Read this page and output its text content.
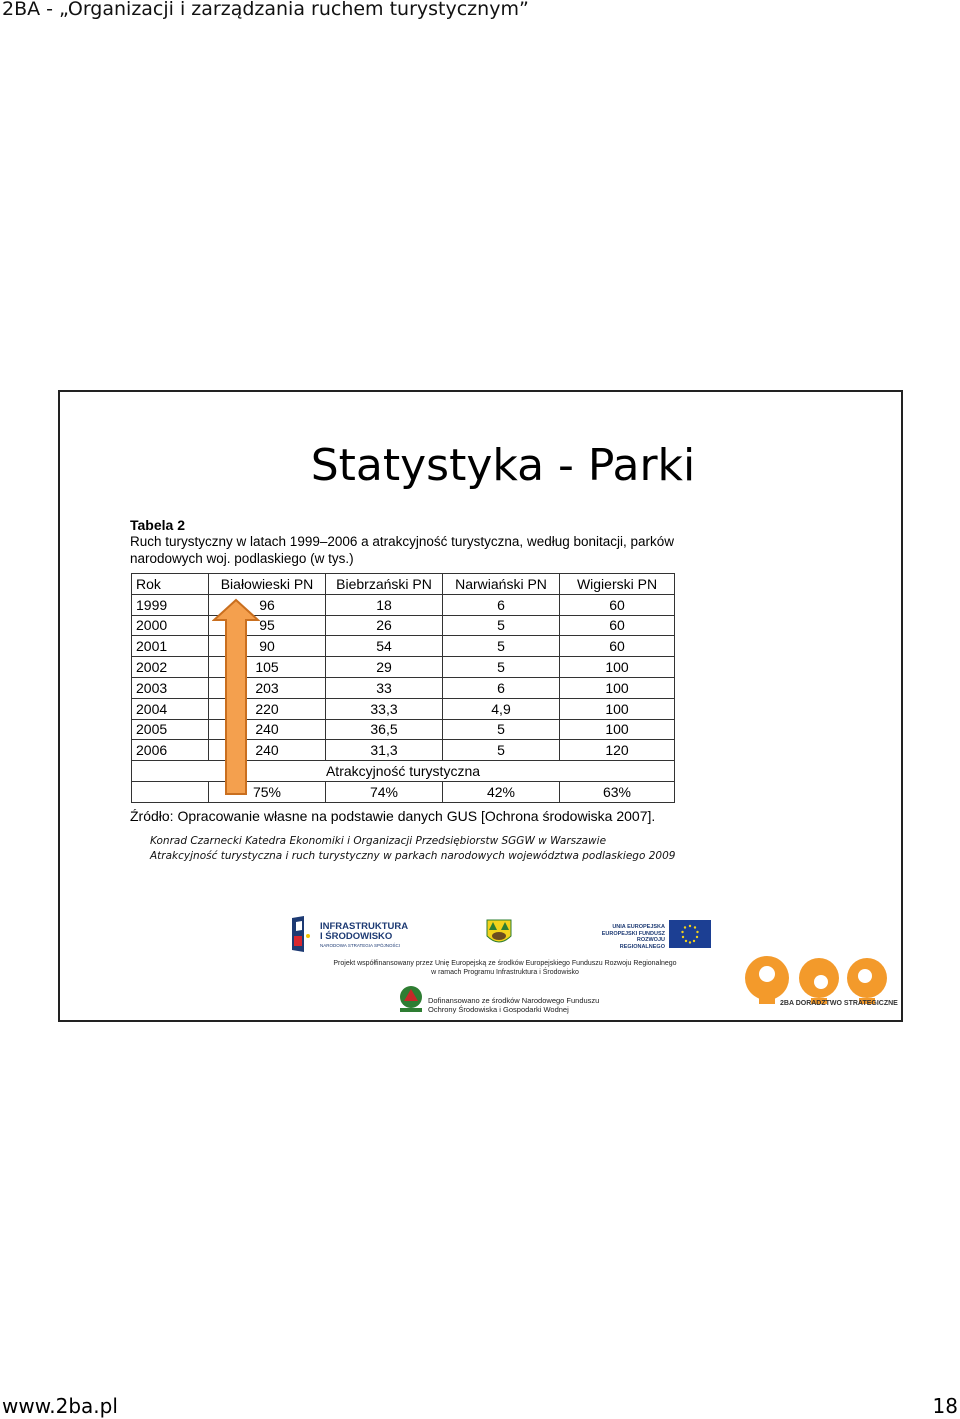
2BA - „Organizacji i zarządzania ruchem turystycznym”
Statystyka - Parki
Tabela 2
Ruch turystyczny w latach 1999–2006 a atrakcyjność turystyczna, według bonitacji, parków narodowych woj. podlaskiego (w tys.)
Rok	Białowieski PN	Biebrzański PN	Narwiański PN	Wigierski PN
1999	96	18	6	60
2000	95	26	5	60
2001	90	54	5	60
2002	105	29	5	100
2003	203	33	6	100
2004	220	33,3	4,9	100
2005	240	36,5	5	100
2006	240	31,3	5	120
Atrakcyjność turystyczna				
	75%	74%	42%	63%
Źródło: Opracowanie własne na podstawie danych GUS [Ochrona środowiska 2007].
Konrad Czarnecki Katedra Ekonomiki i Organizacji Przedsiębiorstw SGGW w Warszawie
Atrakcyjność turystyczna i ruch turystyczny w parkach narodowych województwa podlaskiego 2009
INFRASTRUKTURA
I ŚRODOWISKO
NARODOWA STRATEGIA SPÓJNOŚCI
UNIA EUROPEJSKA
EUROPEJSKI FUNDUSZ
ROZWOJU REGIONALNEGO
Projekt współfinansowany przez Unię Europejską ze środków Europejskiego Funduszu Rozwoju Regionalnego w ramach Programu Infrastruktura i Środowisko
Dofinansowano ze środków Narodowego Funduszu
Ochrony Środowiska i Gospodarki Wodnej
2BA DORADZTWO STRATEGICZNE
www.2ba.pl	18
